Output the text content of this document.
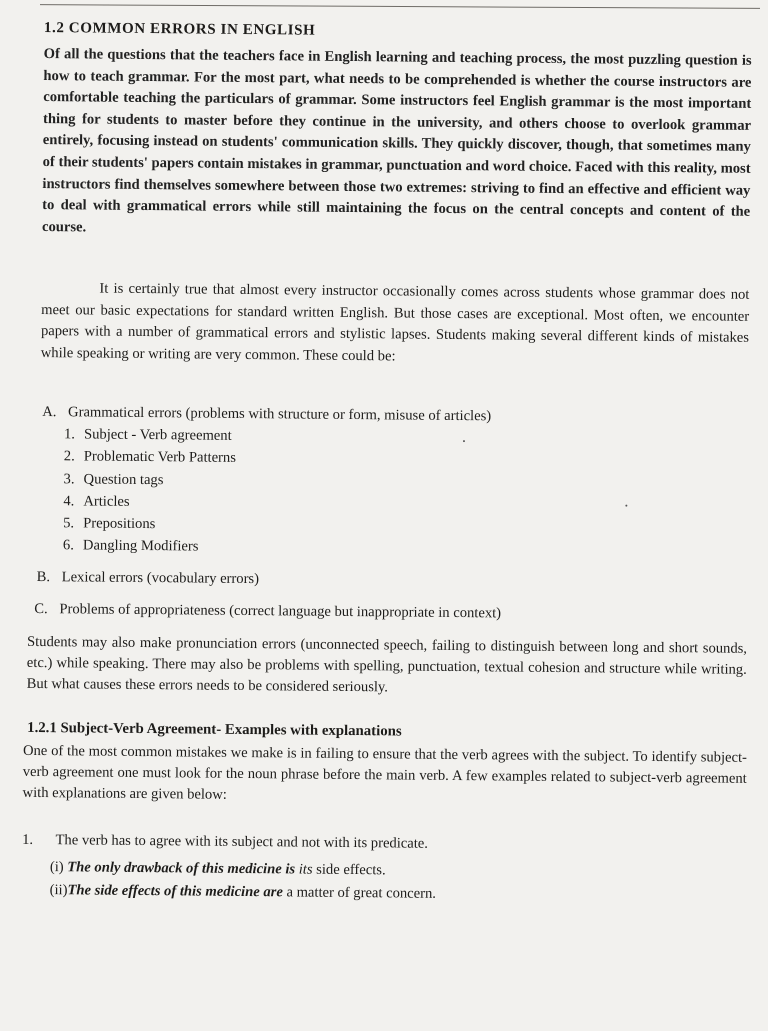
1.2 COMMON ERRORS IN ENGLISH

Of all the questions that the teachers face in English learning and teaching process, the most puzzling question is how to teach grammar. For the most part, what needs to be comprehended is whether the course instructors are comfortable teaching the particulars of grammar. Some instructors feel English grammar is the most important thing for students to master before they continue in the university, and others choose to overlook grammar entirely, focusing instead on students' communication skills. They quickly discover, though, that sometimes many of their students' papers contain mistakes in grammar, punctuation and word choice. Faced with this reality, most instructors find themselves somewhere between those two extremes: striving to find an effective and efficient way to deal with grammatical errors while still maintaining the focus on the central concepts and content of the course.

It is certainly true that almost every instructor occasionally comes across students whose grammar does not meet our basic expectations for standard written English. But those cases are exceptional. Most often, we encounter papers with a number of grammatical errors and stylistic lapses. Students making several different kinds of mistakes while speaking or writing are very common. These could be:

A. Grammatical errors (problems with structure or form, misuse of articles)
1. Subject - Verb agreement
2. Problematic Verb Patterns
3. Question tags
4. Articles
5. Prepositions
6. Dangling Modifiers
B. Lexical errors (vocabulary errors)
C. Problems of appropriateness (correct language but inappropriate in context)

Students may also make pronunciation errors (unconnected speech, failing to distinguish between long and short sounds, etc.) while speaking. There may also be problems with spelling, punctuation, textual cohesion and structure while writing. But what causes these errors needs to be considered seriously.

1.2.1 Subject-Verb Agreement- Examples with explanations

One of the most common mistakes we make is in failing to ensure that the verb agrees with the subject. To identify subject-verb agreement one must look for the noun phrase before the main verb. A few examples related to subject-verb agreement with explanations are given below:

1. The verb has to agree with its subject and not with its predicate.
(i) The only drawback of this medicine is its side effects.
(ii)The side effects of this medicine are a matter of great concern.
